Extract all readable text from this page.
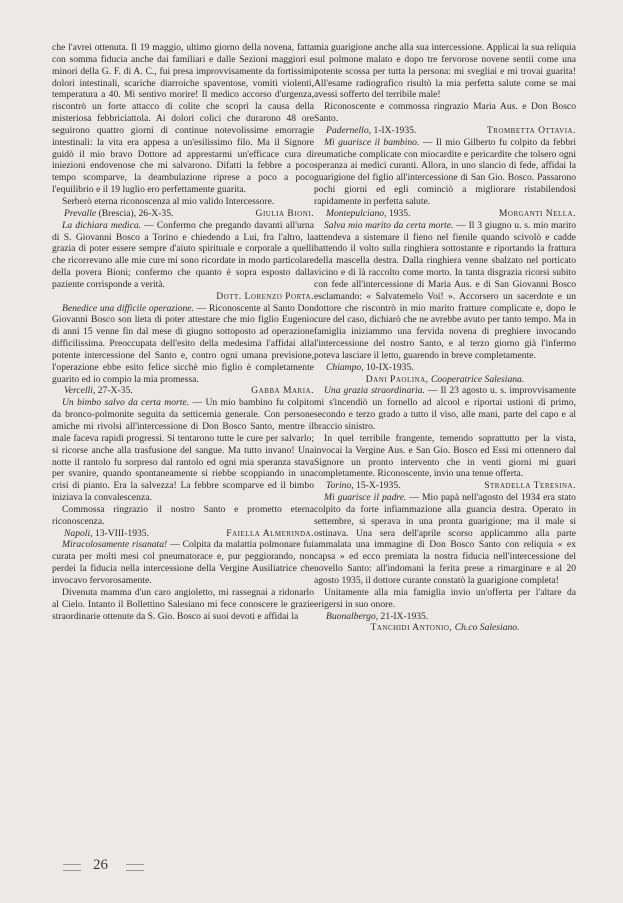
che l'avrei ottenuta. Il 19 maggio, ultimo giorno della novena, fatta con somma fiducia anche dai familiari e dalle Sezioni maggiori e minori della G. F. di A. C., fui presa improvvisamente da fortissimi dolori intestinali, scariche diarroiche spaventose, vomiti violenti, temperatura a 40. Mi sentivo morire! Il medico accorso d'urgenza, riscontrò un forte attacco di colite che scoprì la causa della misteriosa febbriciattola. Ai dolori colici che durarono 48 ore seguirono quattro giorni di continue notevolissime emorragie intestinali: la vita era appesa a un'esilissimo filo. Ma il Signore guidò il mio bravo Dottore ad apprestarmi un'efficace cura di iniezioni endovenose che mi salvarono. Difatti la febbre a poco tempo scomparve, la deambulazione riprese a poco a poco l'equilibrio e il 19 luglio ero perfettamente guarita.

Serberò eterna riconoscenza al mio valido Intercessore.

Prevalle (Brescia), 26-X-35.	Giulia Bioni.

La dichiara medica. — Confermo che pregando davanti all'urna di S. Giovanni Bosco a Torino e chiedendo a Lui, fra l'altro, la grazia di poter essere sempre d'aiuto spirituale e corporale a quelli che ricorrevano alle mie cure mi sono ricordate in modo particolare della povera Bioni; confermo che quanto è sopra esposto dalla paziente corrisponde a verità.

Dott. Lorenzo Porta.

Benedice una difficile operazione. — Riconoscente al Santo Don Giovanni Bosco son lieta di poter attestare che mio figlio Eugenio di anni 15 venne fin dal mese di giugno sottoposto ad operazione difficilissima. Preoccupata dell'esito della medesima l'affidai alla potente intercessione del Santo e, contro ogni umana previsione, l'operazione ebbe esito felice sicchè mio figlio è completamente guarito ed io compio la mia promessa.

Vercelli, 27-X-35.	Gabba Maria.

Un bimbo salvo da certa morte. — Un mio bambino fu colpito da bronco-polmonite seguita da setticemia generale. Con persone amiche mi rivolsi all'intercessione di Don Bosco Santo, mentre il male faceva rapidi progressi. Si tentarono tutte le cure per salvarlo; si ricorse anche alla trasfusione del sangue. Ma tutto invano! Una notte il rantolo fu sorpreso dal rantolo ed ogni mia speranza stava per svanire, quando spontaneamente si riebbe scoppiando in una crisi di pianto. Era la salvezza! La febbre scomparve ed il bimbo iniziava la convalescenza.

Commossa ringrazio il nostro Santo e prometto eterna riconoscenza.

Napoli, 13-VIII-1935.	Faiella Almerinda.

Miracolosamente risanata! — Colpita da malattia polmonare fui curata per molti mesi col pneumatorace e, pur peggiorando, non perdei la fiducia nella intercessione della Vergine Ausiliatrice che invocavo fervorosamente.

Divenuta mamma d'un caro angioletto, mi rassegnai a ridonarlo al Cielo. Intanto il Bollettino Salesiano mi fece conoscere le grazie straordinarie ottenute da S. Gio. Bosco ai suoi devoti e affidai la

mia guarigione anche alla sua intercessione. Applicai la sua reliquia sul polmone malato e dopo tre fervorose novene sentii come una potente scossa per tutta la persona: mi svegliai e mi trovai guarita! All'esame radiografico risultò la mia perfetta salute come se mai avessi sofferto del terribile male!

Riconoscente e commossa ringrazio Maria Aus. e Don Bosco Santo.

Padernello, 1-IX-1935.	Trombetta Ottavia.

Mi guarisce il bambino. — Il mio Gilberto fu colpito da febbri reumatiche complicate con miocardite e pericardite che tolsero ogni speranza ai medici curanti. Allora, in uno slancio di fede, affidai la guarigione del figlio all'intercessione di San Gio. Bosco. Passarono pochi giorni ed egli cominciò a migliorare ristabilendosi rapidamente in perfetta salute.

Montepulciano, 1935.	Morganti Nella.

Salva mio marito da certa morte. — Il 3 giugno u. s. mio marito attendeva a sistemare il fieno nel fienile quando scivolò e cadde battendo il volto sulla ringhiera sottostante e riportando la frattura della mascella destra. Dalla ringhiera venne sbalzato nel porticato vicino e di là raccolto come morto. In tanta disgrazia ricorsi subito con fede all'intercessione di Maria Aus. e di San Giovanni Bosco esclamando: « Salvatemelo Voi! ». Accorsero un sacerdote e un dottore che riscontrò in mio marito fratture complicate e, dopo le cure del caso, dichiarò che ne avrebbe avuto per tanto tempo. Ma in famiglia iniziammo una fervida novena di preghiere invocando l'intercessione del nostro Santo, e al terzo giorno già l'infermo poteva lasciare il letto, guarendo in breve completamente.

Chiampo, 10-IX-1935.

Dani Paolina, Cooperatrice Salesiana.

Una grazia straordinaria. — Il 23 agosto u. s. improvvisamente mi s'incendiò un fornello ad alcool e riportai ustioni di primo, secondo e terzo grado a tutto il viso, alle mani, parte del capo e al braccio sinistro.

In quel terribile frangente, temendo soprattutto per la vista, invocai la Vergine Aus. e San Gio. Bosco ed Essi mi ottennero dal Signore un pronto intervento che in venti giorni mi guarì completamente. Riconoscente, invio una tenue offerta.

Torino, 15-X-1935.	Stradella Teresina.

Mi guarisce il padre. — Mio papà nell'agosto del 1934 era stato colpito da forte infiammazione alla guancia destra. Operato in settembre, si sperava in una pronta guarigione; ma il male si ostinava. Una sera dell'aprile scorso applicammo alla parte ammalata una immagine di Don Bosco Santo con reliquia « ex capsa » ed ecco premiata la nostra fiducia nell'intercessione del novello Santo: all'indomani la ferita prese a rimarginare e al 20 agosto 1935, il dottore curante constatò la guarigione completa!

Unitamente alla mia famiglia invio un'offerta per l'altare da erigersi in suo onore.

Buonalbergo, 21-IX-1935.

Tanchidi Antonio, Ch.co Salesiano.

26
